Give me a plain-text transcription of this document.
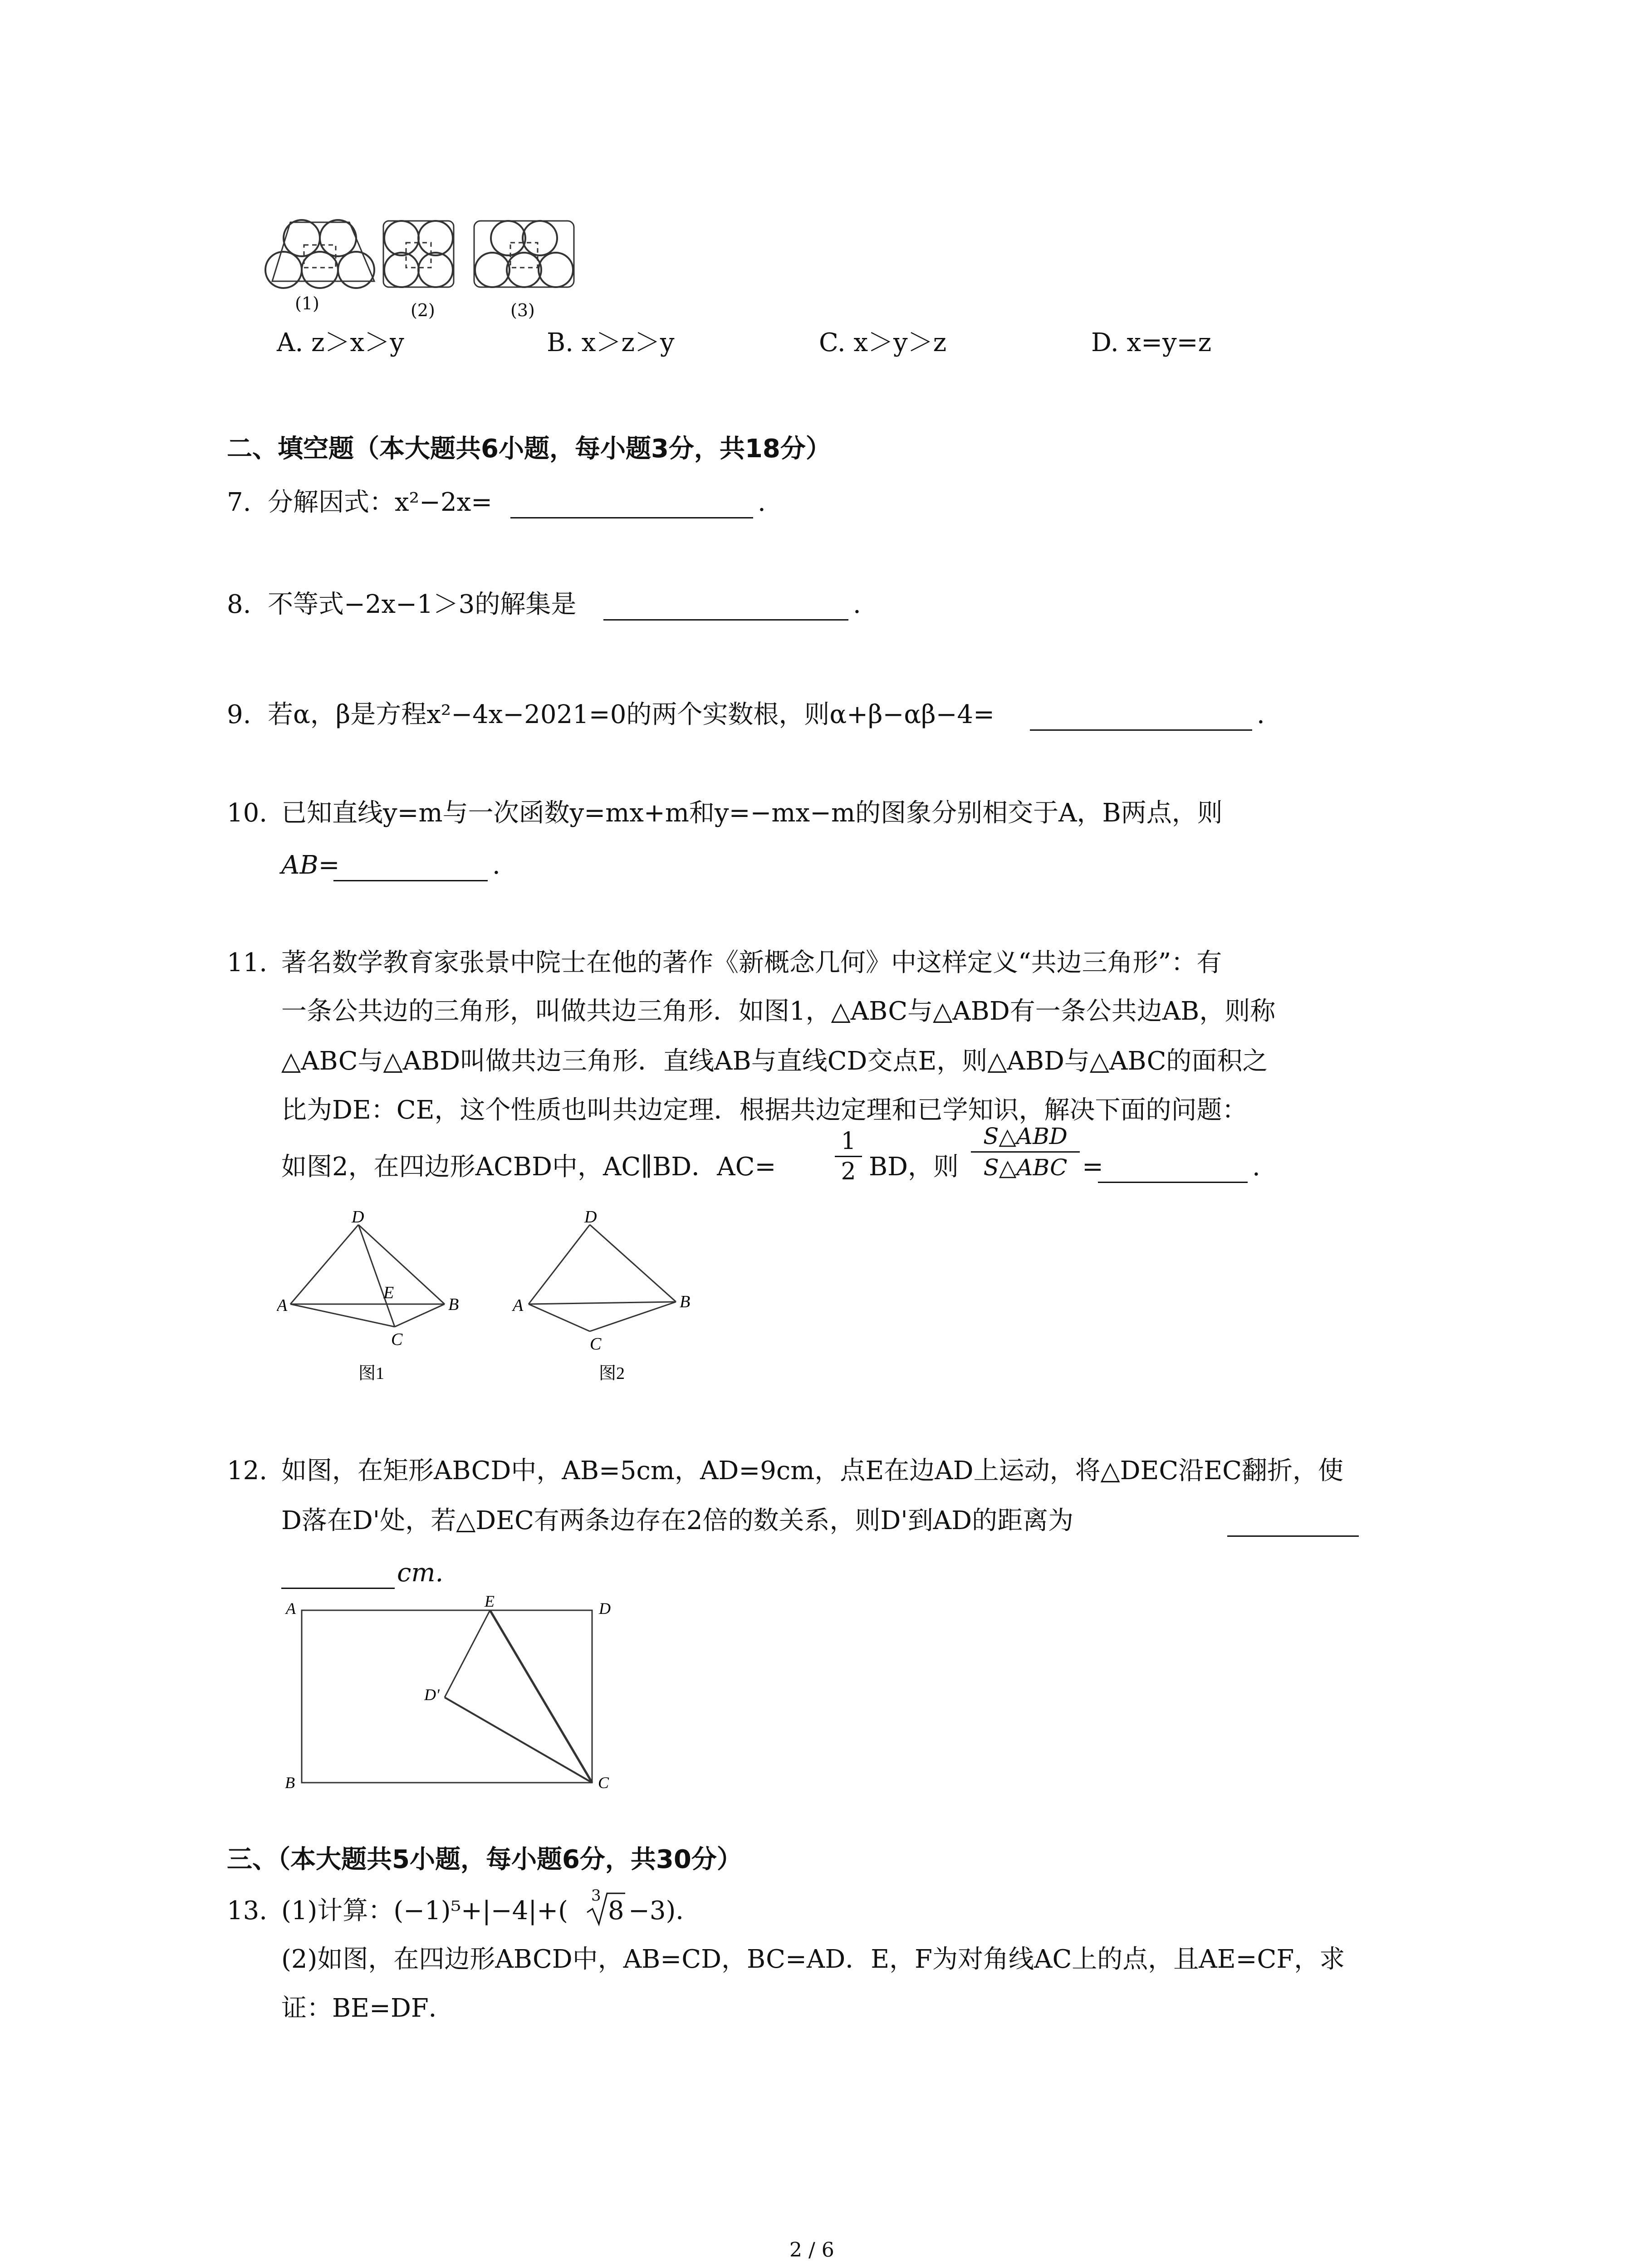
(1)	(2)	(3)
A. z＞x＞y	B. x＞z＞y	C. x＞y＞z	D. x=y=z
二、填空题（本大题共6小题，每小题3分，共18分）
7. 分解因式：x²−2x=	.
8. 不等式−2x−1＞3的解集是	.
9. 若α，β是方程x²−4x−2021=0的两个实数根，则α+β−αβ−4=	.
10. 已知直线y=m与一次函数y=mx+m和y=−mx−m的图象分别相交于A，B两点，则
AB=	.
11. 著名数学教育家张景中院士在他的著作《新概念几何》中这样定义“共边三角形”：有
一条公共边的三角形，叫做共边三角形．如图1，△ABC与△ABD有一条公共边AB，则称
△ABC与△ABD叫做共边三角形．直线AB与直线CD交点E，则△ABD与△ABC的面积之
比为DE：CE，这个性质也叫共边定理．根据共边定理和已学知识，解决下面的问题：
如图2，在四边形ACBD中，AC∥BD．AC=
1
2 BD，则
S△ABD
S△ABC =	.
D
A	B
E
C
图1
D
A	B
C
图2
12. 如图，在矩形ABCD中，AB=5cm，AD=9cm，点E在边AD上运动，将△DEC沿EC翻折，使
D落在D'处，若△DEC有两条边存在2倍的数关系，则D'到AD的距离为
cm.
A	E	D
D'
B	C
三、（本大题共5小题，每小题6分，共30分）
13. (1)计算：(−1)⁵+|−4|+(
3
8 −3)．
(2)如图，在四边形ABCD中，AB=CD，BC=AD．E，F为对角线AC上的点，且AE=CF，求
证：BE=DF．
2 / 6
